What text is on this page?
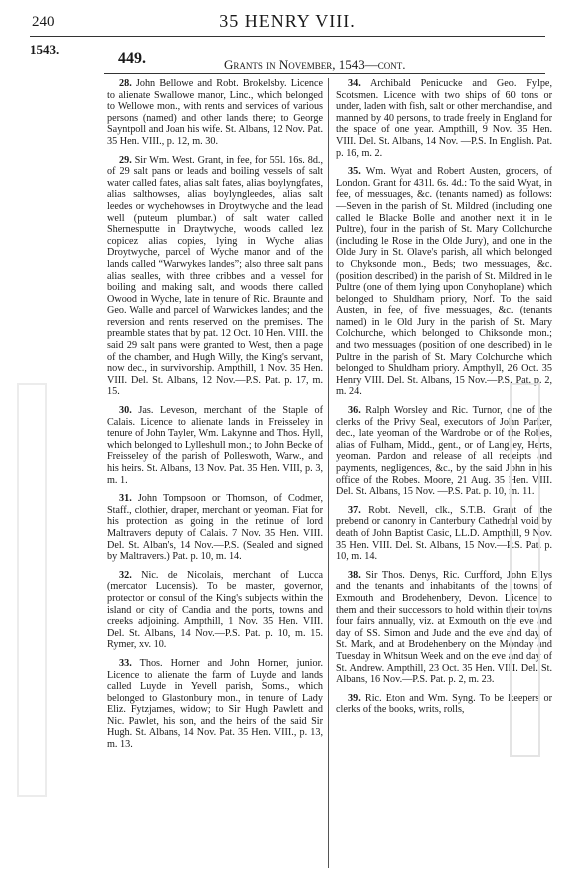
240	35 HENRY VIII.
1543.
449.	Grants in November, 1543—cont.

28. John Bellowe and Robt. Brokelsby. Licence to alienate Swallowe manor, Linc., which belonged to Wellowe mon., with rents and services of various persons (named) and other lands there; to George Sayntpoll and Joan his wife. St. Albans, 12 Nov. Pat. 35 Hen. VIII., p. 12, m. 30.

29. Sir Wm. West. Grant, in fee, for 55l. 16s. 8d., of 29 salt pans or leads and boiling vessels of salt water called fates, alias salt fates, alias boylyngfates, alias salthowses, alias boylyngleedes, alias salt leedes or wychehowses in Droytwyche and the lead well (puteum plumbar.) of salt water called Shernesputte in Draytwyche, woods called lez copicez alias copies, lying in Wyche alias Droytwyche, parcel of Wyche manor and of the lands called “Warwykes landes”; also three salt pans alias sealles, with three cribbes and a vessel for boiling and making salt, and woods there called Owood in Wyche, late in tenure of Ric. Braunte and Geo. Walle and parcel of Warwickes landes; and the reversion and rents reserved on the premises. The preamble states that by pat. 12 Oct. 10 Hen. VIII. the said 29 salt pans were granted to West, then a page of the chamber, and Hugh Willy, the King's servant, now dec., in survivorship. Ampthill, 1 Nov. 35 Hen. VIII. Del. St. Albans, 12 Nov.—P.S. Pat. p. 17, m. 15.

30. Jas. Leveson, merchant of the Staple of Calais. Licence to alienate lands in Freisseley in tenure of John Tayler, Wm. Lakynne and Thos. Hyll, which belonged to Lylleshull mon.; to John Becke of Freisseley of the parish of Polleswoth, Warw., and his heirs. St. Albans, 13 Nov. Pat. 35 Hen. VIII, p. 3, m. 1.

31. John Tompsoon or Thomson, of Codmer, Staff., clothier, draper, merchant or yeoman. Fiat for his protection as going in the retinue of lord Maltravers deputy of Calais. 7 Nov. 35 Hen. VIII. Del. St. Alban's, 14 Nov.—P.S. (Sealed and signed by Maltravers.) Pat. p. 10, m. 14.

32. Nic. de Nicolais, merchant of Lucca (mercator Lucensis). To be master, governor, protector or consul of the King's subjects within the island or city of Candia and the ports, towns and creeks adjoining. Ampthill, 1 Nov. 35 Hen. VIII. Del. St. Albans, 14 Nov.—P.S. Pat. p. 10, m. 15. Rymer, xv. 10.

33. Thos. Horner and John Horner, junior. Licence to alienate the farm of Luyde and lands called Luyde in Yevell parish, Soms., which belonged to Glastonbury mon., in tenure of Lady Eliz. Fytzjames, widow; to Sir Hugh Pawlett and Nic. Pawlet, his son, and the heirs of the said Sir Hugh. St. Albans, 14 Nov. Pat. 35 Hen. VIII., p. 13, m. 13.

34. Archibald Penicucke and Geo. Fylpe, Scotsmen. Licence with two ships of 60 tons or under, laden with fish, salt or other merchandise, and manned by 40 persons, to trade freely in England for the space of one year. Ampthill, 9 Nov. 35 Hen. VIII. Del. St. Albans, 14 Nov. —P.S. In English. Pat. p. 16, m. 2.

35. Wm. Wyat and Robert Austen, grocers, of London. Grant for 431l. 6s. 4d.: To the said Wyat, in fee, of messuages, &c. (tenants named) as follows:—Seven in the parish of St. Mildred (including one called le Blacke Bolle and another next it in le Pultre), four in the parish of St. Mary Collchurche (including le Rose in the Olde Jury), and one in the Olde Jury in St. Olave's parish, all which belonged to Chyksonde mon., Beds; two messuages, &c. (position described) in the parish of St. Mildred in le Pultre (one of them lying upon Conyhoplane) which belonged to Shuldham priory, Norf. To the said Austen, in fee, of five messuages, &c. (tenants named) in le Old Jury in the parish of St. Mary Colchurche, which belonged to Chiksonde mon.; and two messuages (position of one described) in le Pultre in the parish of St. Mary Colchurche which belonged to Shuldham priory. Ampthyll, 26 Oct. 35 Henry VIII. Del. St. Albans, 15 Nov.—P.S. Pat. p. 2, m. 24.

36. Ralph Worsley and Ric. Turnor, one of the clerks of the Privy Seal, executors of John Parker, dec., late yeoman of the Wardrobe or of the Robes, alias of Fulham, Midd., gent., or of Langley, Herts, yeoman. Pardon and release of all receipts and payments, negligences, &c., by the said John in his office of the Robes. Moore, 21 Aug. 35 Hen. VIII. Del. St. Albans, 15 Nov. —P.S. Pat. p. 10, m. 11.

37. Robt. Nevell, clk., S.T.B. Grant of the prebend or canonry in Canterbury Cathedral void by death of John Baptist Casic, LL.D. Ampthill, 9 Nov. 35 Hen. VIII. Del. St. Albans, 15 Nov.—P.S. Pat. p. 10, m. 14.

38. Sir Thos. Denys, Ric. Curfford, John Ellys and the tenants and inhabitants of the towns of Exmouth and Brodehenbery, Devon. Licence to them and their successors to hold within their towns four fairs annually, viz. at Exmouth on the eve and day of SS. Simon and Jude and the eve and day of St. Mark, and at Brodehenbery on the Monday and Tuesday in Whitsun Week and on the eve and day of St. Andrew. Ampthill, 23 Oct. 35 Hen. VIII. Del. St. Albans, 16 Nov.—P.S. Pat. p. 2, m. 23.

39. Ric. Eton and Wm. Syng. To be keepers or clerks of the books, writs, rolls,
